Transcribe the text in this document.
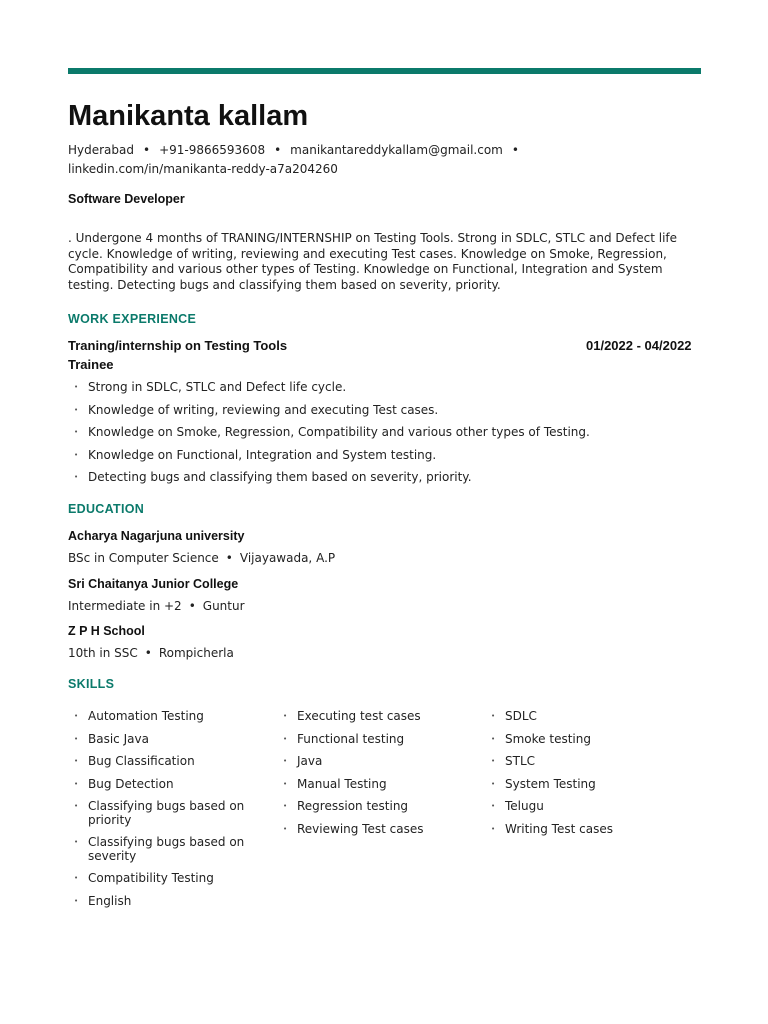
Manikanta kallam
Hyderabad • +91-9866593608 • manikantareddykallam@gmail.com •
linkedin.com/in/manikanta-reddy-a7a204260
Software Developer

. Undergone 4 months of TRANING/INTERNSHIP on Testing Tools. Strong in SDLC, STLC and Defect life cycle. Knowledge of writing, reviewing and executing Test cases. Knowledge on Smoke, Regression, Compatibility and various other types of Testing. Knowledge on Functional, Integration and System testing. Detecting bugs and classifying them based on severity, priority.

WORK EXPERIENCE
Traning/internship on Testing Tools	01/2022 - 04/2022
Trainee
• Strong in SDLC, STLC and Defect life cycle.
• Knowledge of writing, reviewing and executing Test cases.
• Knowledge on Smoke, Regression, Compatibility and various other types of Testing.
• Knowledge on Functional, Integration and System testing.
• Detecting bugs and classifying them based on severity, priority.
EDUCATION
Acharya Nagarjuna university
BSc in Computer Science • Vijayawada, A.P
Sri Chaitanya Junior College
Intermediate in +2 • Guntur
Z P H School
10th in SSC • Rompicherla
SKILLS
• Automation Testing
• Basic Java
• Bug Classification
• Bug Detection
• Classifying bugs based on priority
• Classifying bugs based on severity
• Compatibility Testing
• English
• Executing test cases
• Functional testing
• Java
• Manual Testing
• Regression testing
• Reviewing Test cases
• SDLC
• Smoke testing
• STLC
• System Testing
• Telugu
• Writing Test cases
